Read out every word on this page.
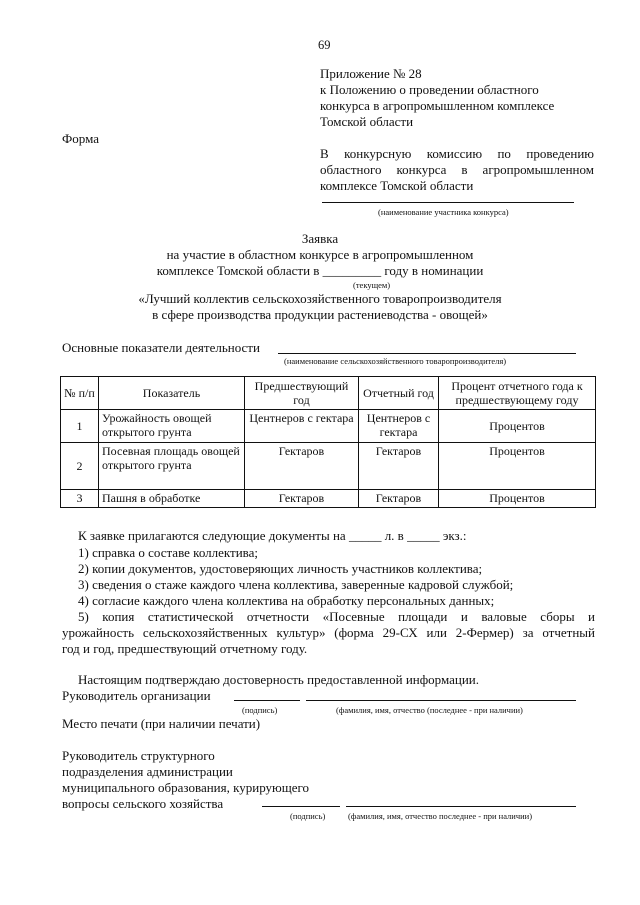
69
Приложение № 28
к Положению о проведении областного
конкурса в агропромышленном комплексе
Томской области
Форма
В конкурсную комиссию по проведению
областного конкурса в агропромышленном
комплексе Томской области
(наименование участника конкурса)
Заявка
на участие в областном конкурсе в агропромышленном
комплексе Томской области в _________ году в номинации
(текущем)
«Лучший коллектив сельскохозяйственного товаропроизводителя
в сфере производства продукции растениеводства - овощей»
Основные показатели деятельности
(наименование сельскохозяйственного товаропроизводителя)
№ п/п	Показатель	Предшествующий год	Отчетный год	Процент отчетного года к предшествующему году
1	Урожайность овощей открытого грунта	Центнеров с гектара	Центнеров с гектара	Процентов
2	Посевная площадь овощей открытого грунта	Гектаров	Гектаров	Процентов
3	Пашня в обработке	Гектаров	Гектаров	Процентов
К заявке прилагаются следующие документы на _____ л. в _____ экз.:
1) справка о составе коллектива;
2) копии документов, удостоверяющих личность участников коллектива;
3) сведения о стаже каждого члена коллектива, заверенные кадровой службой;
4) согласие каждого члена коллектива на обработку персональных данных;
5) копия статистической отчетности «Посевные площади и валовые сборы и
урожайность сельскохозяйственных культур» (форма 29-СХ или 2-Фермер) за отчетный
год и год, предшествующий отчетному году.
Настоящим подтверждаю достоверность предоставленной информации.
Руководитель организации
(подпись)	(фамилия, имя, отчество (последнее - при наличии)
Место печати (при наличии печати)
Руководитель структурного
подразделения администрации
муниципального образования, курирующего
вопросы сельского хозяйства
(подпись)	(фамилия, имя, отчество последнее - при наличии)
